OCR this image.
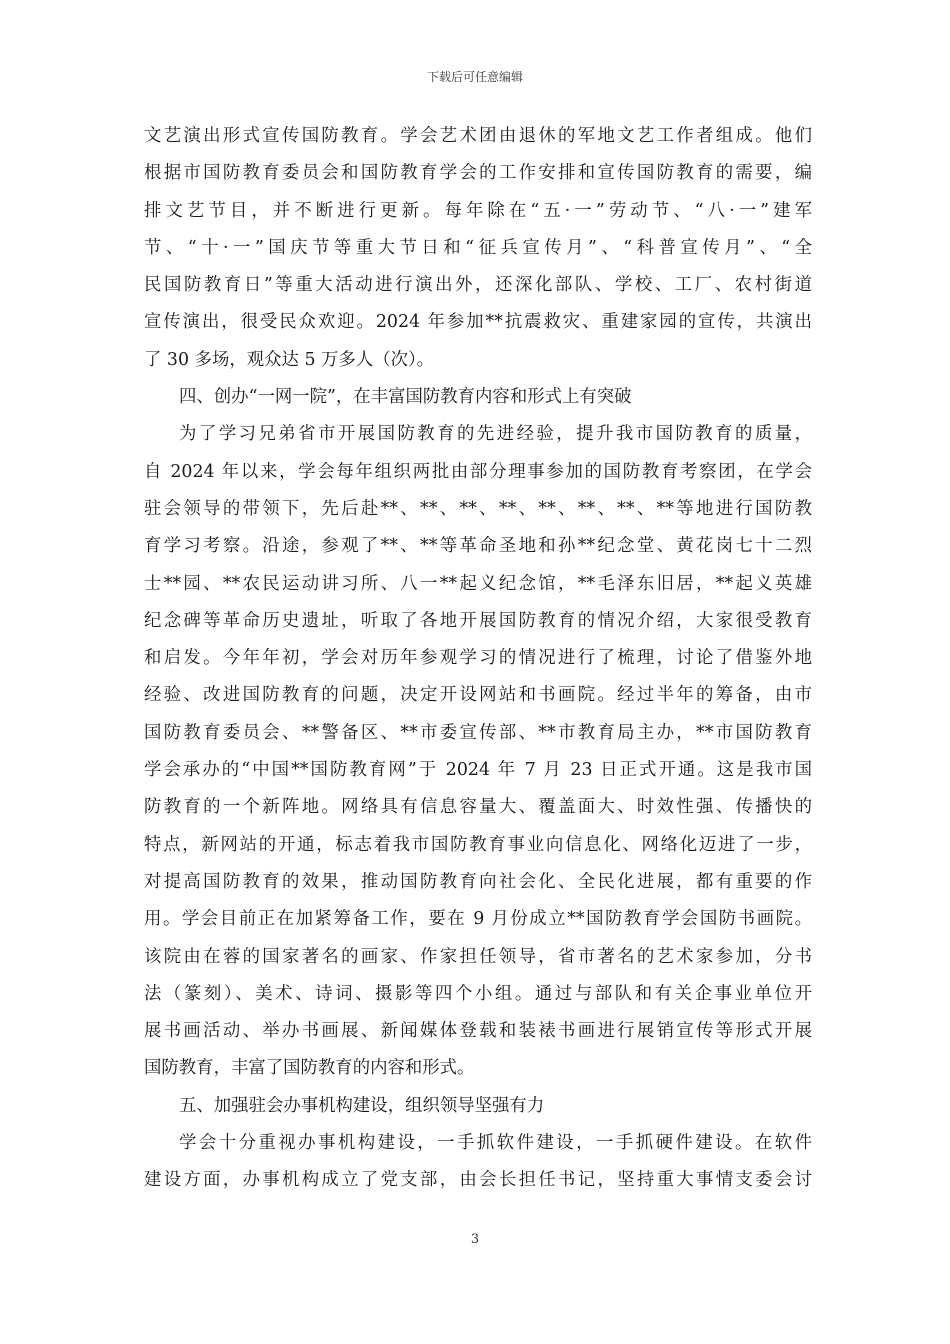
下载后可任意编辑
文艺演出形式宣传国防教育。学会艺术团由退休的军地文艺工作者组成。他们
根据市国防教育委员会和国防教育学会的工作安排和宣传国防教育的需要，编
排文艺节目，并不断进行更新。每年除在“五·一”劳动节、“八·一”建军
节、“十·一”国庆节等重大节日和“征兵宣传月”、“科普宣传月”、“全
民国防教育日”等重大活动进行演出外，还深化部队、学校、工厂、农村街道
宣传演出，很受民众欢迎。2024 年参加**抗震救灾、重建家园的宣传，共演出
了 30 多场，观众达 5 万多人（次）。
四、创办“一网一院”，在丰富国防教育内容和形式上有突破
为了学习兄弟省市开展国防教育的先进经验，提升我市国防教育的质量，
自 2024 年以来，学会每年组织两批由部分理事参加的国防教育考察团，在学会
驻会领导的带领下，先后赴**、**、**、**、**、**、**、**等地进行国防教
育学习考察。沿途，参观了**、**等革命圣地和孙**纪念堂、黄花岗七十二烈
士**园、**农民运动讲习所、八一**起义纪念馆，**毛泽东旧居，**起义英雄
纪念碑等革命历史遗址，听取了各地开展国防教育的情况介绍，大家很受教育
和启发。今年年初，学会对历年参观学习的情况进行了梳理，讨论了借鉴外地
经验、改进国防教育的问题，决定开设网站和书画院。经过半年的筹备，由市
国防教育委员会、**警备区、**市委宣传部、**市教育局主办，**市国防教育
学会承办的“中国**国防教育网”于 2024 年 7 月 23 日正式开通。这是我市国
防教育的一个新阵地。网络具有信息容量大、覆盖面大、时效性强、传播快的
特点，新网站的开通，标志着我市国防教育事业向信息化、网络化迈进了一步，
对提高国防教育的效果，推动国防教育向社会化、全民化进展，都有重要的作
用。学会目前正在加紧筹备工作，要在 9 月份成立**国防教育学会国防书画院。
该院由在蓉的国家著名的画家、作家担任领导，省市著名的艺术家参加，分书
法（篆刻）、美术、诗词、摄影等四个小组。通过与部队和有关企事业单位开
展书画活动、举办书画展、新闻媒体登载和装裱书画进行展销宣传等形式开展
国防教育，丰富了国防教育的内容和形式。
五、加强驻会办事机构建设，组织领导坚强有力
学会十分重视办事机构建设，一手抓软件建设，一手抓硬件建设。在软件
建设方面，办事机构成立了党支部，由会长担任书记，坚持重大事情支委会讨
3
